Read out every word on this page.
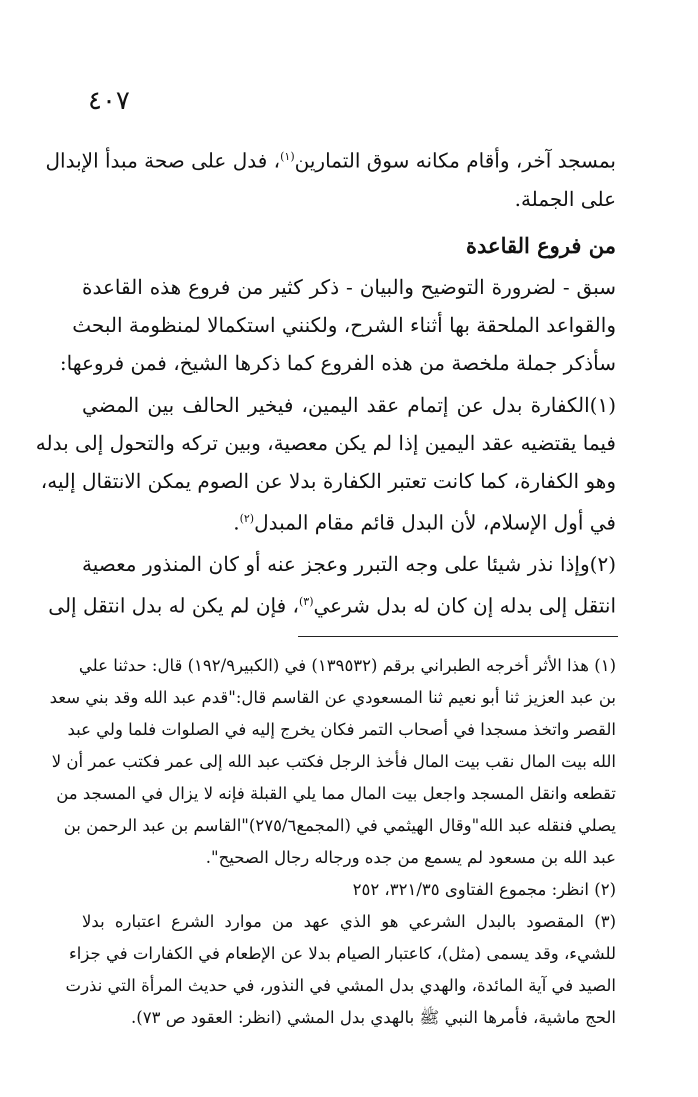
٤٠٧
بمسجد آخر، وأقام مكانه سوق التمارين$^{(١)}$، فدل على صحة مبدأ الإبدال
على الجملة.
من فروع القاعدة
سبق - لضرورة التوضيح والبيان - ذكر كثير من فروع هذه القاعدة
والقواعد الملحقة بها أثناء الشرح، ولكنني استكمالا لمنظومة البحث
سأذكر جملة ملخصة من هذه الفروع كما ذكرها الشيخ، فمن فروعها:
(١)الكفارة بدل عن إتمام عقد اليمين، فيخير الحالف بين المضي
فيما يقتضيه عقد اليمين إذا لم يكن معصية، وبين تركه والتحول إلى بدله
وهو الكفارة، كما كانت تعتبر الكفارة بدلا عن الصوم يمكن الانتقال إليه،
في أول الإسلام، لأن البدل قائم مقام المبدل$^{(٢)}$.
(٢)وإذا نذر شيئا على وجه التبرر وعجز عنه أو كان المنذور معصية
انتقل إلى بدله إن كان له بدل شرعي$^{(٣)}$، فإن لم يكن له بدل انتقل إلى
(١) هذا الأثر أخرجه الطبراني برقم (١٣٩٥٣٢) في (الكبير١٩٢/٩) قال: حدثنا علي
بن عبد العزيز ثنا أبو نعيم ثنا المسعودي عن القاسم قال:"قدم عبد الله وقد بني سعد
القصر واتخذ مسجدا في أصحاب التمر فكان يخرج إليه في الصلوات فلما ولي عبد
الله بيت المال نقب بيت المال فأخذ الرجل فكتب عبد الله إلى عمر فكتب عمر أن لا
تقطعه وانقل المسجد واجعل بيت المال مما يلي القبلة فإنه لا يزال في المسجد من
يصلي فنقله عبد الله"وقال الهيثمي في (المجمع٢٧٥/٦)"القاسم بن عبد الرحمن بن
عبد الله بن مسعود لم يسمع من جده ورجاله رجال الصحيح".
(٢) انظر: مجموع الفتاوى ٣٢١/٣٥، ٢٥٢
(٣) المقصود بالبدل الشرعي هو الذي عهد من موارد الشرع اعتباره بدلا
للشيء، وقد يسمى (مثل)، كاعتبار الصيام بدلا عن الإطعام في الكفارات في جزاء
الصيد في آية المائدة، والهدي بدل المشي في النذور، في حديث المرأة التي نذرت
الحج ماشية، فأمرها النبي ﷺ بالهدي بدل المشي (انظر: العقود ص ٧٣).
